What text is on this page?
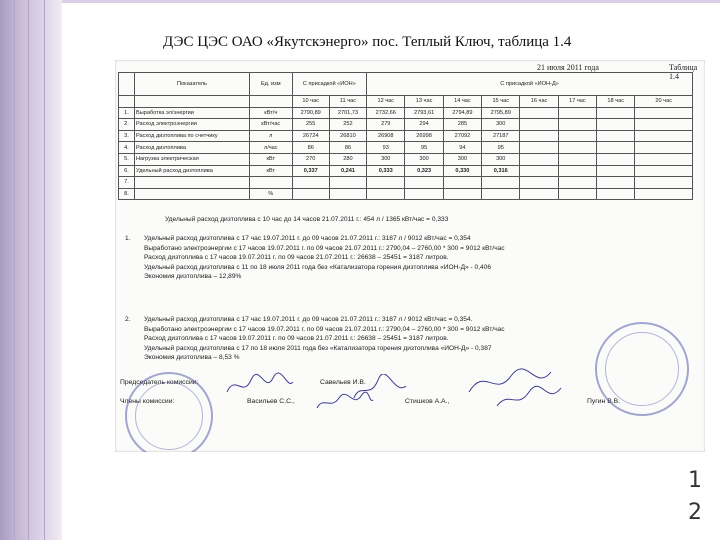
ДЭС ЦЭС ОАО «Якутскэнерго» пос. Теплый Ключ, таблица 1.4
21 июля 2011 года	Таблица 1.4
	Показатель	Ед. изм	С присадкой «ИОН»		С присадкой «ИОН-Д»							
			10 час	11 час	12 час	13 час	14 час	15 час	16 час	17 час	18 час	20 час
1.	Выработка эл/энергии	кВт/ч	2790,89	2701,73	2732,66	2793,61	2794,89	2795,89				
2.	Расход электроэнергии	кВт/час	255	252	279	294	285	300				
3.	Расход дизтоплива по счетчику	л	26724	26810	26908	26998	27092	27187				
4.	Расход дизтоплива	л/час	86	86	93	95	94	95				
5.	Нагрузка электрическая	кВт	270	280	300	300	300	300				
6.	Удельный расход дизтоплива	кВт	0,337	0,241	0,333	0,323	0,330	0,316				
7.												
8.		%										
Удельный расход дизтоплива с 10 час до 14 часов 21.07.2011 г.: 454 л / 1365 кВт/час = 0,333
1. Удельный расход дизтоплива с 17 час 19.07.2011 г. до 09 часов 21.07.2011 г.: 3187 л / 9012 кВт/час = 0,354
Выработано электроэнергии с 17 часов 19.07.2011 г. по 09 часов 21.07.2011 г.: 2790,04 – 2760,00 * 300 = 9012 кВт/час
Расход дизтоплива с 17 часов 19.07.2011 г. по 09 часов 21.07.2011 г.: 26638 – 25451 = 3187 литров.
Удельный расход дизтоплива с 11 по 18 июля 2011 года без «Катализатора горения дизтоплива «ИОН-Д» - 0,406
Экономия дизтоплива – 12,89%
2. Удельный расход дизтоплива с 17 час 19.07.2011 г. до 09 часов 21.07.2011 г.: 3187 л / 9012 кВт/час = 0,354.
Выработано электроэнергии с 17 часов 19.07.2011 г. по 09 часов 21.07.2011 г.: 2790,04 – 2760,00 * 300 = 9012 кВт/час
Расход дизтоплива с 17 часов 19.07.2011 г. по 09 часов 21.07.2011 г.: 26638 – 25451 = 3187 литров.
Удельный расход дизтоплива с 17 по 18 июля 2011 года без «Катализатора горения дизтоплива «ИОН-Д» - 0,387
Экономия дизтоплива – 8,53 %
Председатель комиссии:	Савельев И.В.
Члены комиссии:	Васильев С.С.,	Стишков А.А.,	Пугин В.В.
1
2
